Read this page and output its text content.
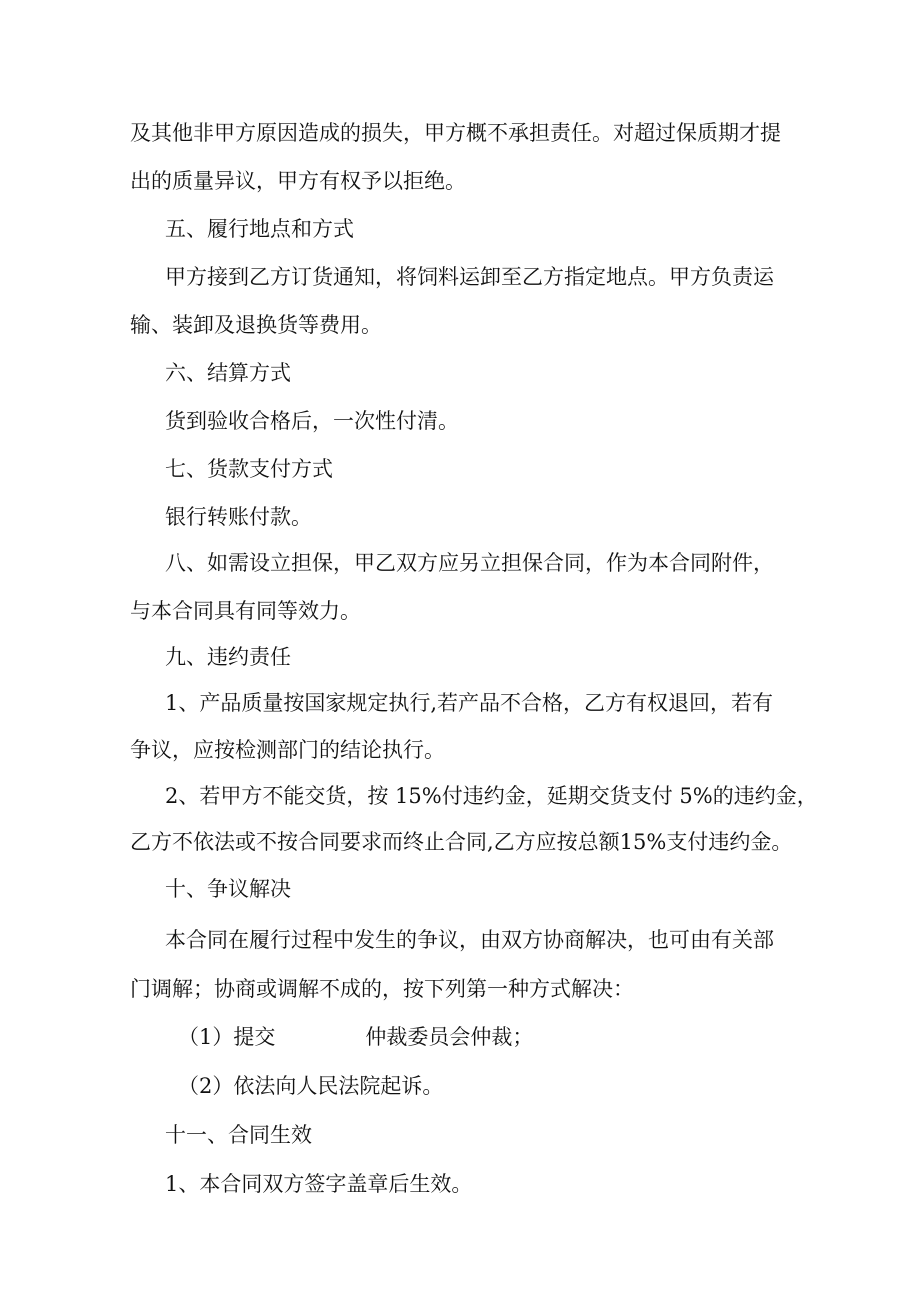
及其他非甲方原因造成的损失，甲方概不承担责任。对超过保质期才提

出的质量异议，甲方有权予以拒绝。

五、履行地点和方式

甲方接到乙方订货通知，将饲料运卸至乙方指定地点。甲方负责运

输、装卸及退换货等费用。

六、结算方式

货到验收合格后，一次性付清。

七、货款支付方式

银行转账付款。

八、如需设立担保，甲乙双方应另立担保合同，作为本合同附件，

与本合同具有同等效力。

九、违约责任

1、产品质量按国家规定执行,若产品不合格，乙方有权退回，若有

争议，应按检测部门的结论执行。

2、若甲方不能交货，按 15%付违约金，延期交货支付 5%的违约金，

乙方不依法或不按合同要求而终止合同,乙方应按总额15%支付违约金。

十、争议解决

本合同在履行过程中发生的争议，由双方协商解决，也可由有关部

门调解；协商或调解不成的，按下列第一种方式解决：

（1）提交	仲裁委员会仲裁；

（2）依法向人民法院起诉。

十一、合同生效

1、本合同双方签字盖章后生效。
